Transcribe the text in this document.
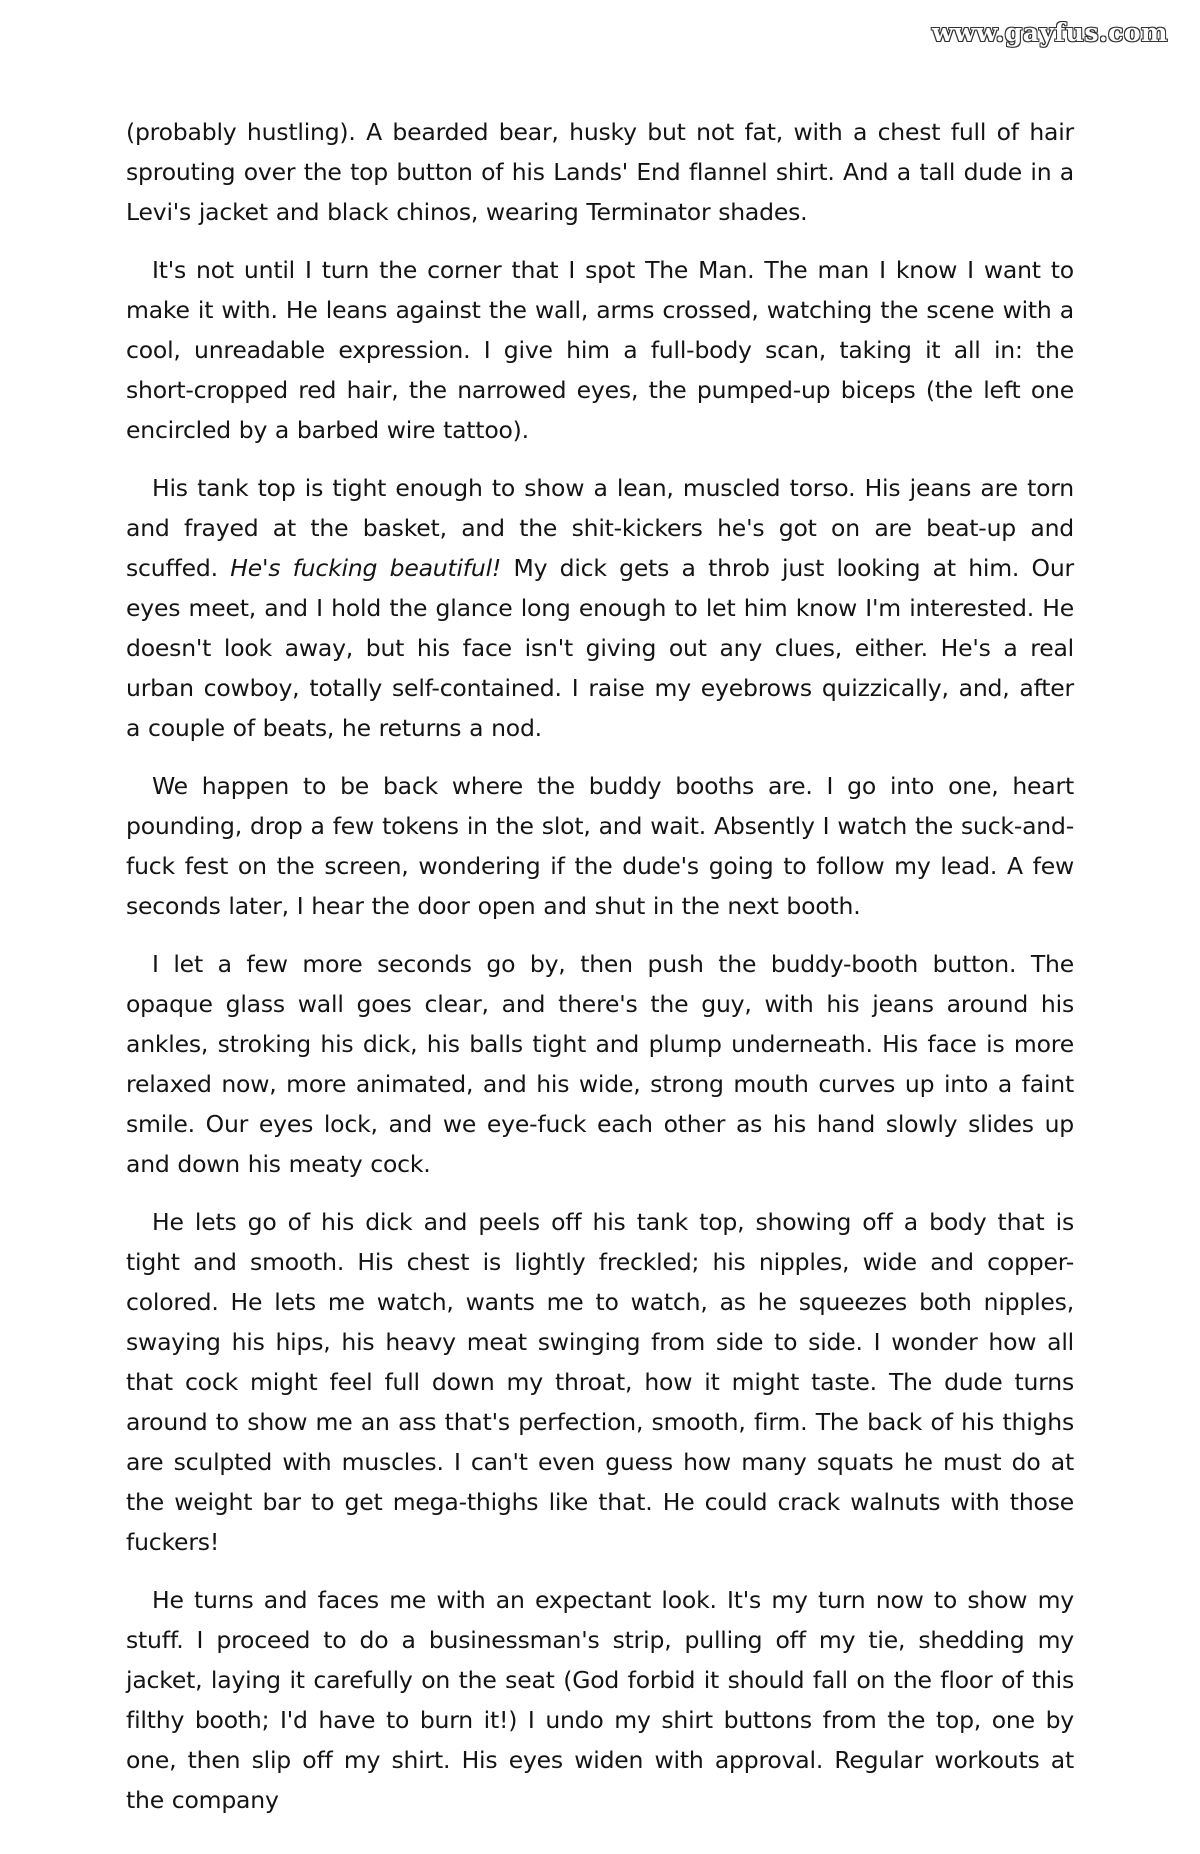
www.gayfus.com

(probably hustling). A bearded bear, husky but not fat, with a chest full of hair sprouting over the top button of his Lands' End flannel shirt. And a tall dude in a Levi's jacket and black chinos, wearing Terminator shades.

It's not until I turn the corner that I spot The Man. The man I know I want to make it with. He leans against the wall, arms crossed, watching the scene with a cool, unreadable expression. I give him a full-body scan, taking it all in: the short-cropped red hair, the narrowed eyes, the pumped-up biceps (the left one encircled by a barbed wire tattoo).

His tank top is tight enough to show a lean, muscled torso. His jeans are torn and frayed at the basket, and the shit-kickers he's got on are beat-up and scuffed. He's fucking beautiful! My dick gets a throb just looking at him. Our eyes meet, and I hold the glance long enough to let him know I'm interested. He doesn't look away, but his face isn't giving out any clues, either. He's a real urban cowboy, totally self-contained. I raise my eyebrows quizzically, and, after a couple of beats, he returns a nod.

We happen to be back where the buddy booths are. I go into one, heart pounding, drop a few tokens in the slot, and wait. Absently I watch the suck-and-fuck fest on the screen, wondering if the dude's going to follow my lead. A few seconds later, I hear the door open and shut in the next booth.

I let a few more seconds go by, then push the buddy-booth button. The opaque glass wall goes clear, and there's the guy, with his jeans around his ankles, stroking his dick, his balls tight and plump underneath. His face is more relaxed now, more animated, and his wide, strong mouth curves up into a faint smile. Our eyes lock, and we eye-fuck each other as his hand slowly slides up and down his meaty cock.

He lets go of his dick and peels off his tank top, showing off a body that is tight and smooth. His chest is lightly freckled; his nipples, wide and copper-colored. He lets me watch, wants me to watch, as he squeezes both nipples, swaying his hips, his heavy meat swinging from side to side. I wonder how all that cock might feel full down my throat, how it might taste. The dude turns around to show me an ass that's perfection, smooth, firm. The back of his thighs are sculpted with muscles. I can't even guess how many squats he must do at the weight bar to get mega-thighs like that. He could crack walnuts with those fuckers!

He turns and faces me with an expectant look. It's my turn now to show my stuff. I proceed to do a businessman's strip, pulling off my tie, shedding my jacket, laying it carefully on the seat (God forbid it should fall on the floor of this filthy booth; I'd have to burn it!) I undo my shirt buttons from the top, one by one, then slip off my shirt. His eyes widen with approval. Regular workouts at the company
